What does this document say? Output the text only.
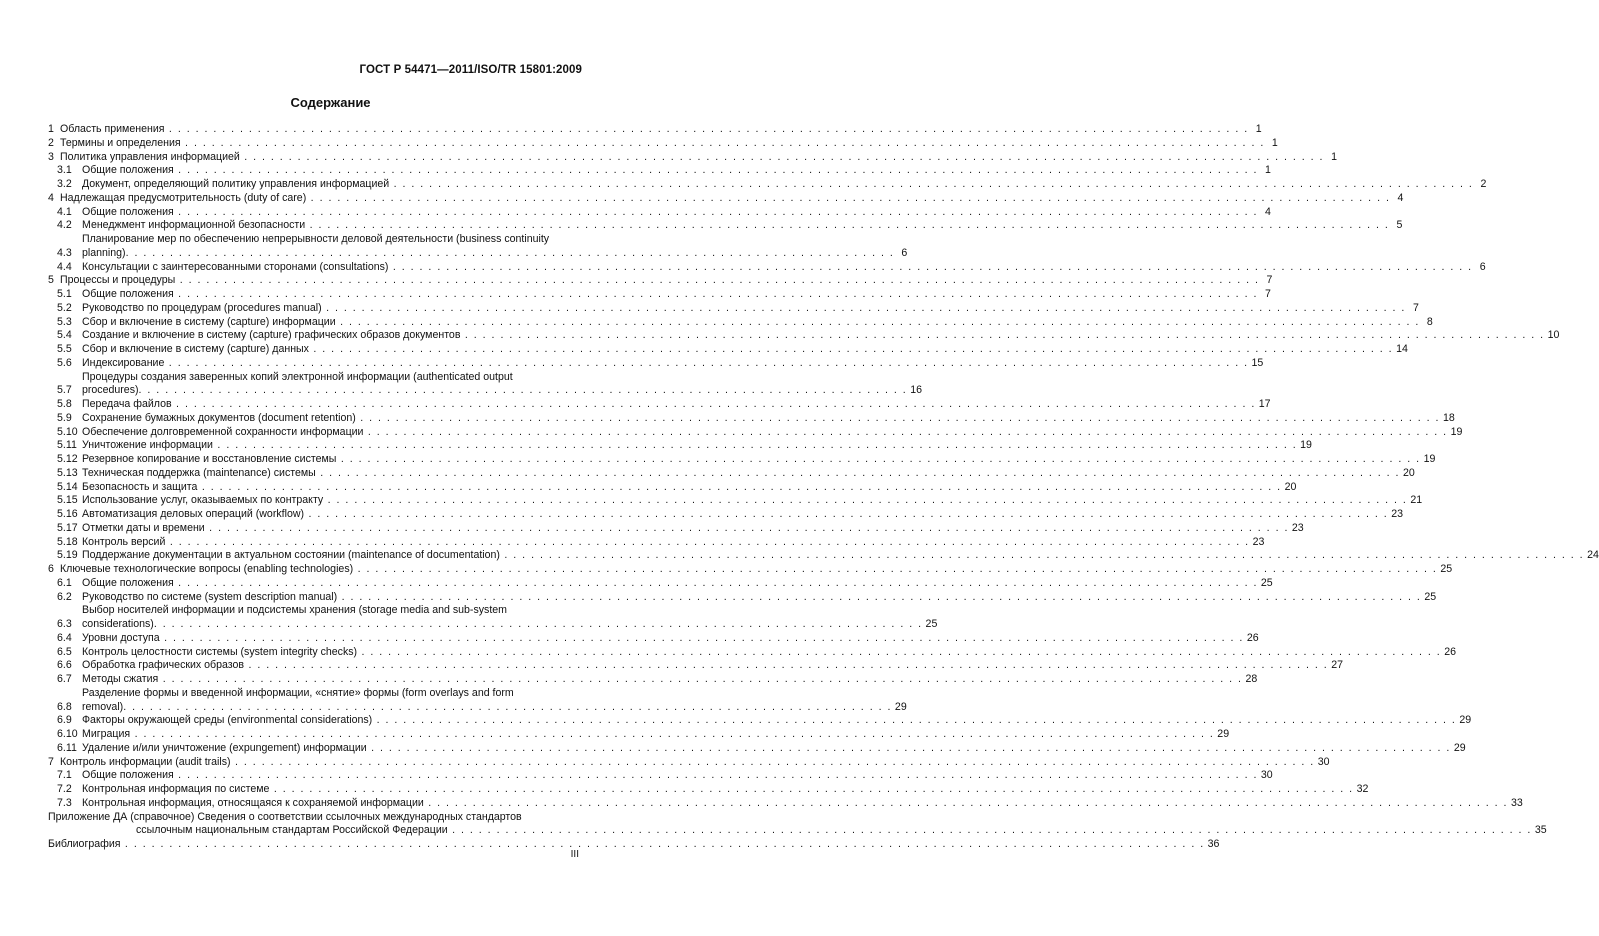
ГОСТ Р 54471—2011/ISO/TR 15801:2009
Содержание
1 Область применения . . .	1
2 Термины и определения . . .	1
3 Политика управления информацией . . .	1
3.1 Общие положения . . .	1
3.2 Документ, определяющий политику управления информацией . . .	2
4 Надлежащая предусмотрительность (duty of care) . . .	4
4.1 Общие положения . . .	4
4.2 Менеджмент информационной безопасности . . .	5
4.3
Планирование мер по обеспечению непрерывности деловой деятельности (business continuity
planning) . . .	6
4.4 Консультации с заинтересованными сторонами (consultations) . . .	6
5 Процессы и процедуры . . .	7
5.1 Общие положения . . .	7
5.2 Руководство по процедурам (procedures manual) . . .	7
5.3 Сбор и включение в систему (capture) информации . . .	8
5.4 Создание и включение в систему (capture) графических образов документов . . .	10
5.5 Сбор и включение в систему (capture) данных . . .	14
5.6 Индексирование . . .	15
5.7
Процедуры создания заверенных копий электронной информации (authenticated output
procedures) . . .	16
5.8 Передача файлов . . .	17
5.9 Сохранение бумажных документов (document retention) . . .	18
5.10 Обеспечение долговременной сохранности информации . . .	19
5.11 Уничтожение информации . . .	19
5.12 Резервное копирование и восстановление системы . . .	19
5.13 Техническая поддержка (maintenance) системы . . .	20
5.14 Безопасность и защита . . .	20
5.15 Использование услуг, оказываемых по контракту . . .	21
5.16 Автоматизация деловых операций (workflow) . . .	23
5.17 Отметки даты и времени . . .	23
5.18 Контроль версий . . .	23
5.19 Поддержание документации в актуальном состоянии (maintenance of documentation) . . .	24
6 Ключевые технологические вопросы (enabling technologies) . . .	25
6.1 Общие положения . . .	25
6.2 Руководство по системе (system description manual) . . .	25
6.3
Выбор носителей информации и подсистемы хранения (storage media and sub-system
considerations) . . .	25
6.4 Уровни доступа . . .	26
6.5 Контроль целостности системы (system integrity checks) . . .	26
6.6 Обработка графических образов . . .	27
6.7 Методы сжатия . . .	28
6.8
Разделение формы и введенной информации, «снятие» формы (form overlays and form
removal) . . .	29
6.9 Факторы окружающей среды (environmental considerations) . . .	29
6.10 Миграция . . .	29
6.11 Удаление и/или уничтожение (expungement) информации . . .	29
7 Контроль информации (audit trails) . . .	30
7.1 Общие положения . . .	30
7.2 Контрольная информация по системе . . .	32
7.3 Контрольная информация, относящаяся к сохраняемой информации . . .	33
Приложение ДА (справочное) Сведения о соответствии ссылочных международных стандартов
ссылочным национальным стандартам Российской Федерации . . .	35
Библиография . . .	36
III
